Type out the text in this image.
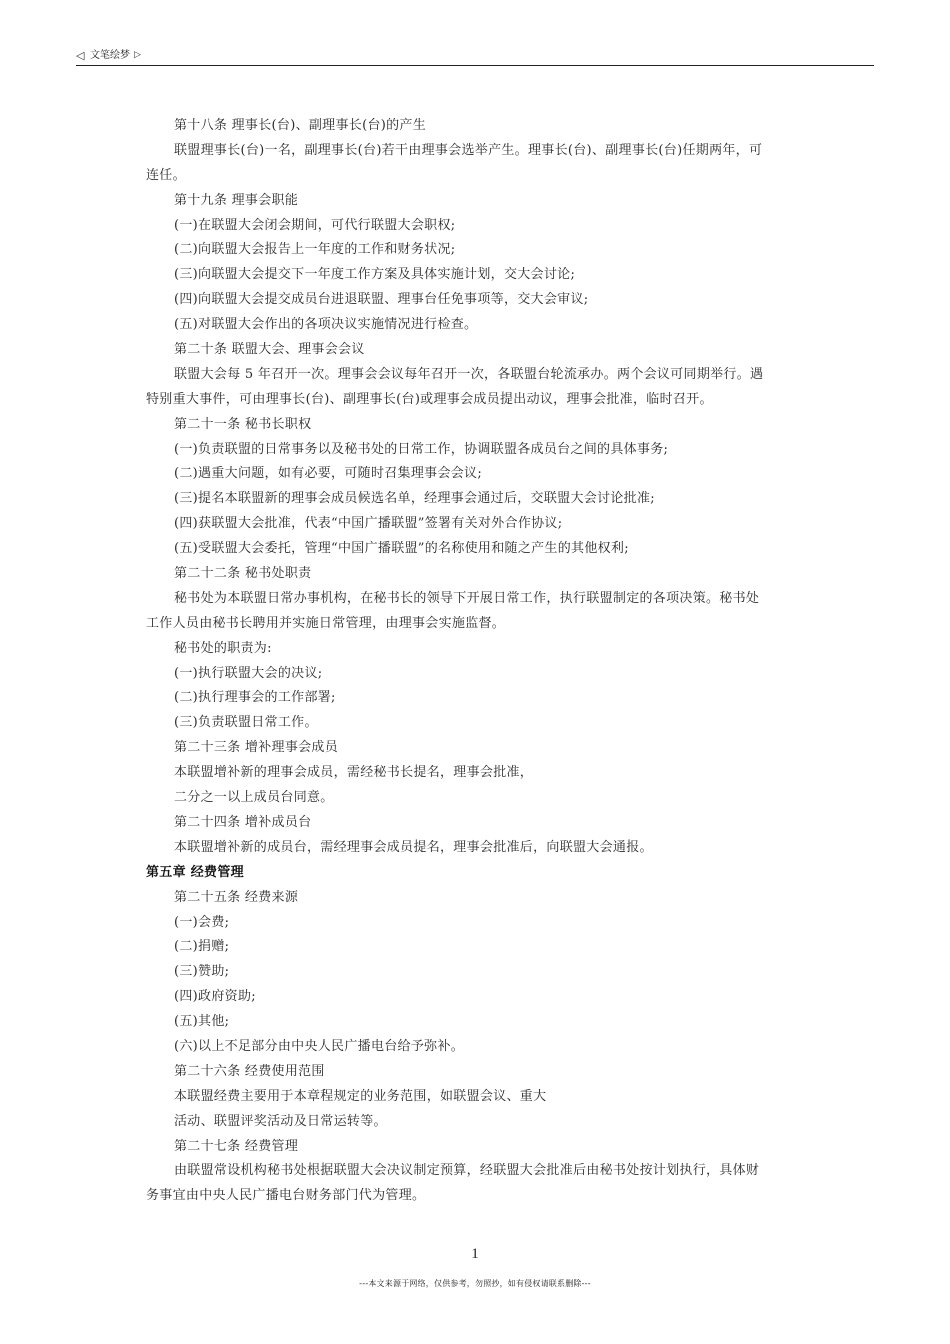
◁ 文笔绘梦 ▷
第十八条 理事长(台)、副理事长(台)的产生
联盟理事长(台)一名，副理事长(台)若干由理事会选举产生。理事长(台)、副理事长(台)任期两年，可
连任。
第十九条 理事会职能
(一)在联盟大会闭会期间，可代行联盟大会职权;
(二)向联盟大会报告上一年度的工作和财务状况;
(三)向联盟大会提交下一年度工作方案及具体实施计划，交大会讨论;
(四)向联盟大会提交成员台进退联盟、理事台任免事项等，交大会审议;
(五)对联盟大会作出的各项决议实施情况进行检查。
第二十条 联盟大会、理事会会议
联盟大会每 5 年召开一次。理事会会议每年召开一次，各联盟台轮流承办。两个会议可同期举行。遇
特别重大事件，可由理事长(台)、副理事长(台)或理事会成员提出动议，理事会批准，临时召开。
第二十一条 秘书长职权
(一)负责联盟的日常事务以及秘书处的日常工作，协调联盟各成员台之间的具体事务;
(二)遇重大问题，如有必要，可随时召集理事会会议;
(三)提名本联盟新的理事会成员候选名单，经理事会通过后，交联盟大会讨论批准;
(四)获联盟大会批准，代表“中国广播联盟”签署有关对外合作协议;
(五)受联盟大会委托，管理“中国广播联盟”的名称使用和随之产生的其他权利;
第二十二条 秘书处职责
秘书处为本联盟日常办事机构，在秘书长的领导下开展日常工作，执行联盟制定的各项决策。秘书处
工作人员由秘书长聘用并实施日常管理，由理事会实施监督。
秘书处的职责为:
(一)执行联盟大会的决议;
(二)执行理事会的工作部署;
(三)负责联盟日常工作。
第二十三条 增补理事会成员
本联盟增补新的理事会成员，需经秘书长提名，理事会批准，
二分之一以上成员台同意。
第二十四条 增补成员台
本联盟增补新的成员台，需经理事会成员提名，理事会批准后，向联盟大会通报。
第五章 经费管理
第二十五条 经费来源
(一)会费;
(二)捐赠;
(三)赞助;
(四)政府资助;
(五)其他;
(六)以上不足部分由中央人民广播电台给予弥补。
第二十六条 经费使用范围
本联盟经费主要用于本章程规定的业务范围，如联盟会议、重大
活动、联盟评奖活动及日常运转等。
第二十七条 经费管理
由联盟常设机构秘书处根据联盟大会决议制定预算，经联盟大会批准后由秘书处按计划执行，具体财
务事宜由中央人民广播电台财务部门代为管理。
1
---本文来源于网络，仅供参考，勿照抄，如有侵权请联系删除---
